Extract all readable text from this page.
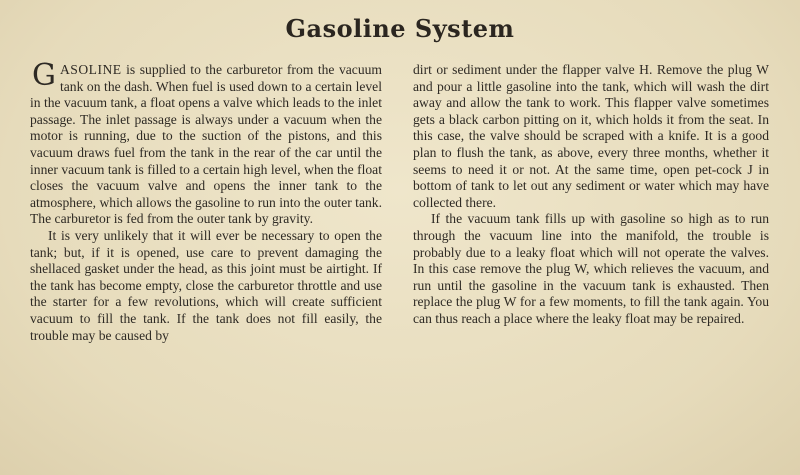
Gasoline System

GASOLINE is supplied to the carburetor from the vacuum tank on the dash. When fuel is used down to a certain level in the vacuum tank, a float opens a valve which leads to the inlet passage. The inlet passage is always under a vacuum when the motor is running, due to the suction of the pistons, and this vacuum draws fuel from the tank in the rear of the car until the inner vacuum tank is filled to a certain high level, when the float closes the vacuum valve and opens the inner tank to the atmosphere, which allows the gasoline to run into the outer tank. The carburetor is fed from the outer tank by gravity.

It is very unlikely that it will ever be necessary to open the tank; but, if it is opened, use care to prevent damaging the shellaced gasket under the head, as this joint must be airtight. If the tank has become empty, close the carburetor throttle and use the starter for a few revolutions, which will create sufficient vacuum to fill the tank. If the tank does not fill easily, the trouble may be caused by

dirt or sediment under the flapper valve H. Remove the plug W and pour a little gasoline into the tank, which will wash the dirt away and allow the tank to work. This flapper valve sometimes gets a black carbon pitting on it, which holds it from the seat. In this case, the valve should be scraped with a knife. It is a good plan to flush the tank, as above, every three months, whether it seems to need it or not. At the same time, open pet-cock J in bottom of tank to let out any sediment or water which may have collected there.

If the vacuum tank fills up with gasoline so high as to run through the vacuum line into the manifold, the trouble is probably due to a leaky float which will not operate the valves. In this case remove the plug W, which relieves the vacuum, and run until the gasoline in the vacuum tank is exhausted. Then replace the plug W for a few moments, to fill the tank again. You can thus reach a place where the leaky float may be repaired.
